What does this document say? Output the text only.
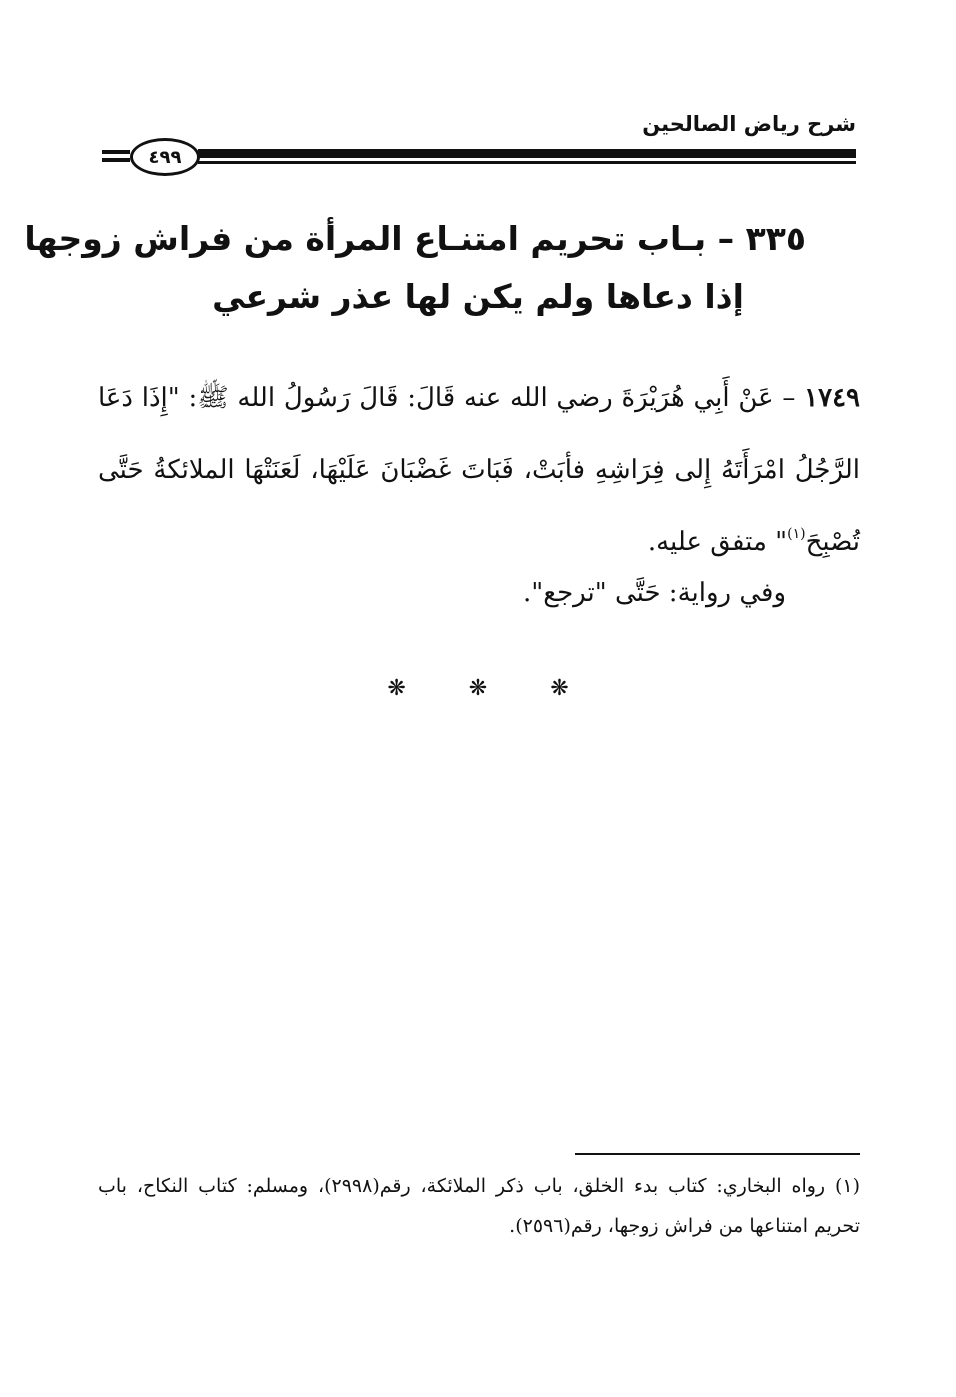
شرح رياض الصالحين
٤٩٩
٣٣٥ – بـاب تحريم امتنـاع المرأة من فراش زوجها
إذا دعاها ولم يكن لها عذر شرعي

١٧٤٩ – عَنْ أَبِي هُرَيْرَةَ رضي الله عنه قَالَ: قَالَ رَسُولُ الله ﷺ: "إِذَا دَعَا الرَّجُلُ امْرَأَتَهُ إِلى فِرَاشِهِ فأبَتْ، فَبَاتَ غَضْبَانَ عَلَيْهَا، لَعَنَتْهَا الملائكةُ حَتَّى تُصْبِحَ$^{(١)}$" متفق عليه.

وفي رواية: حَتَّى "ترجع".
❋ ❋ ❋

(١) رواه البخاري: كتاب بدء الخلق، باب ذكر الملائكة، رقم(٢٩٩٨)، ومسلم: كتاب النكاح، باب تحريم امتناعها من فراش زوجها، رقم(٢٥٩٦).
